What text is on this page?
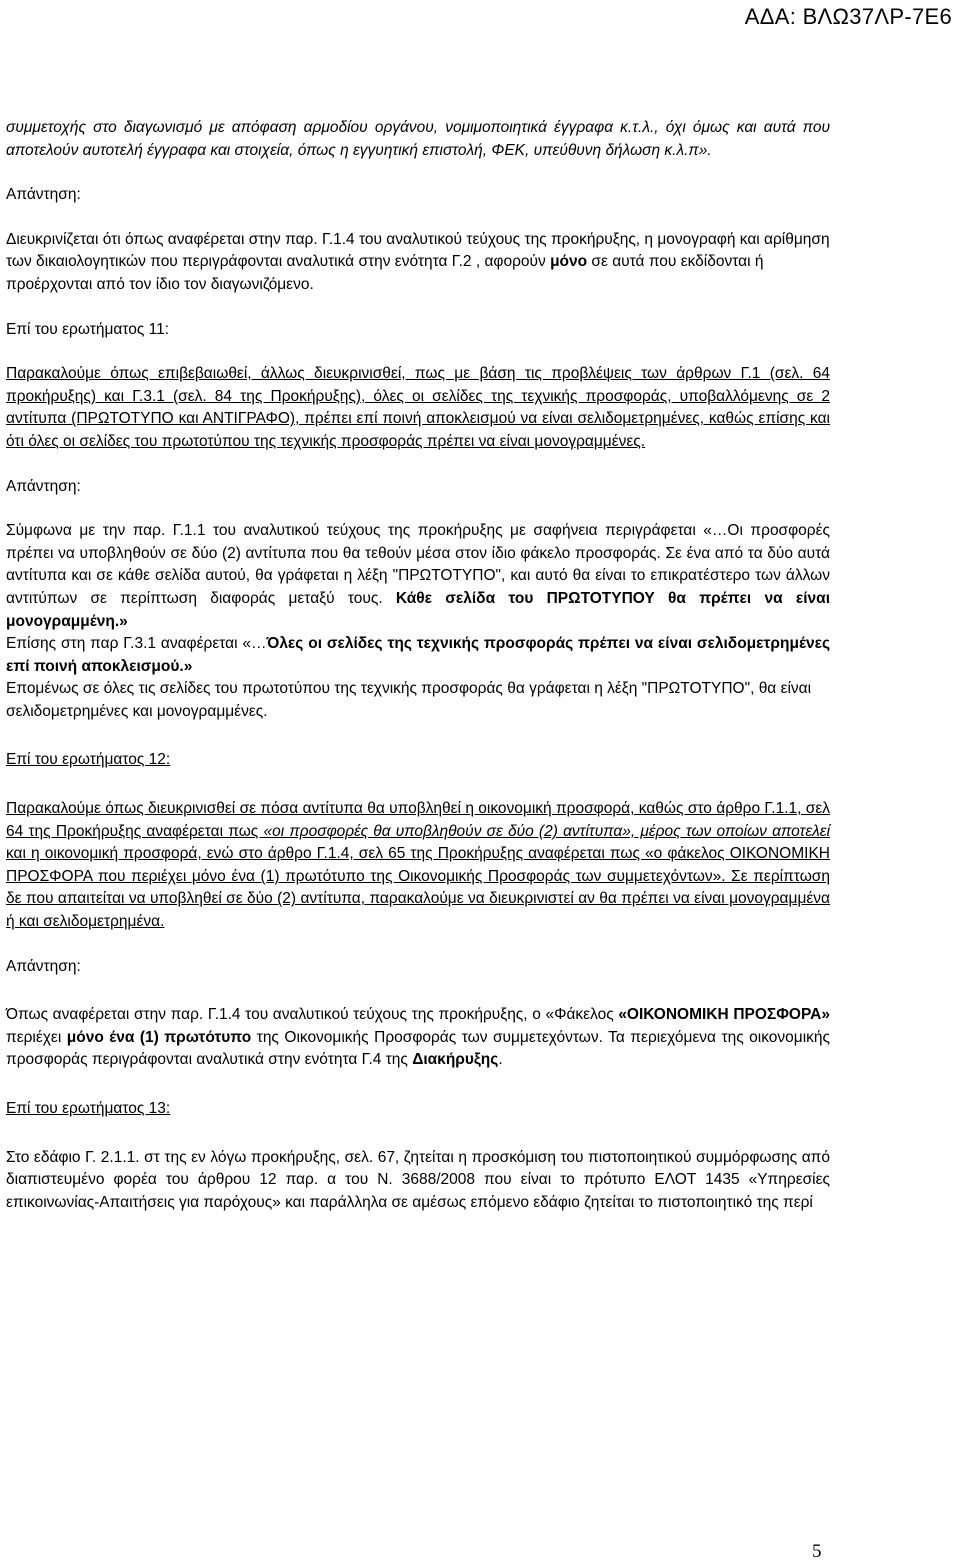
ΑΔΑ: ΒΛΩ37ΛΡ-7Ε6

συμμετοχής στο διαγωνισμό με απόφαση αρμοδίου οργάνου, νομιμοποιητικά έγγραφα κ.τ.λ., όχι όμως και αυτά που αποτελούν αυτοτελή έγγραφα και στοιχεία, όπως η εγγυητική επιστολή, ΦΕΚ, υπεύθυνη δήλωση κ.λ.π».

Απάντηση:

Διευκρινίζεται ότι όπως αναφέρεται στην παρ. Γ.1.4 του αναλυτικού τεύχους της προκήρυξης, η μονογραφή και αρίθμηση των δικαιολογητικών που περιγράφονται αναλυτικά στην ενότητα Γ.2 , αφορούν μόνο σε αυτά που εκδίδονται ή προέρχονται από τον ίδιο τον διαγωνιζόμενο.

Επί του ερωτήματος 11:

Παρακαλούμε όπως επιβεβαιωθεί, άλλως διευκρινισθεί, πως με βάση τις προβλέψεις των άρθρων Γ.1 (σελ. 64 προκήρυξης) και Γ.3.1 (σελ. 84 της Προκήρυξης), όλες οι σελίδες της τεχνικής προσφοράς, υποβαλλόμενης σε 2 αντίτυπα (ΠΡΩΤΟΤΥΠΟ και ΑΝΤΙΓΡΑΦΟ), πρέπει επί ποινή αποκλεισμού να είναι σελιδομετρημένες, καθώς επίσης και ότι όλες οι σελίδες του πρωτοτύπου της τεχνικής προσφοράς πρέπει να είναι μονογραμμένες.

Απάντηση:

Σύμφωνα με την παρ. Γ.1.1 του αναλυτικού τεύχους της προκήρυξης με σαφήνεια περιγράφεται «…Οι προσφορές πρέπει να υποβληθούν σε δύο (2) αντίτυπα που θα τεθούν μέσα στον ίδιο φάκελο προσφοράς. Σε ένα από τα δύο αυτά αντίτυπα και σε κάθε σελίδα αυτού, θα γράφεται η λέξη "ΠΡΩΤΟΤΥΠΟ", και αυτό θα είναι το επικρατέστερο των άλλων αντιτύπων σε περίπτωση διαφοράς μεταξύ τους. Κάθε σελίδα του ΠΡΩΤΟΤΥΠΟΥ θα πρέπει να είναι μονογραμμένη.»

Επίσης στη παρ Γ.3.1 αναφέρεται «…Όλες οι σελίδες της τεχνικής προσφοράς πρέπει να είναι σελιδομετρημένες επί ποινή αποκλεισμού.»

Επομένως σε όλες τις σελίδες του πρωτοτύπου της τεχνικής προσφοράς θα γράφεται η λέξη "ΠΡΩΤΟΤΥΠΟ", θα είναι σελιδομετρημένες και μονογραμμένες.

Επί του ερωτήματος 12:

Παρακαλούμε όπως διευκρινισθεί σε πόσα αντίτυπα θα υποβληθεί η οικονομική προσφορά, καθώς στο άρθρο Γ.1.1, σελ 64 της Προκήρυξης αναφέρεται πως «οι προσφορές θα υποβληθούν σε δύο (2) αντίτυπα», μέρος των οποίων αποτελεί και η οικονομική προσφορά, ενώ στο άρθρο Γ.1.4, σελ 65 της Προκήρυξης αναφέρεται πως «ο φάκελος ΟΙΚΟΝΟΜΙΚΗ ΠΡΟΣΦΟΡΑ που περιέχει μόνο ένα (1) πρωτότυπο της Οικονομικής Προσφοράς των συμμετεχόντων». Σε περίπτωση δε που απαιτείται να υποβληθεί σε δύο (2) αντίτυπα, παρακαλούμε να διευκρινιστεί αν θα πρέπει να είναι μονογραμμένα ή και σελιδομετρημένα.

Απάντηση:

Όπως αναφέρεται στην παρ. Γ.1.4 του αναλυτικού τεύχους της προκήρυξης, ο «Φάκελος «ΟΙΚΟΝΟΜΙΚΗ ΠΡΟΣΦΟΡΑ» περιέχει μόνο ένα (1) πρωτότυπο της Οικονομικής Προσφοράς των συμμετεχόντων. Τα περιεχόμενα της οικονομικής προσφοράς περιγράφονται αναλυτικά στην ενότητα Γ.4 της Διακήρυξης.

Επί του ερωτήματος 13:

Στο εδάφιο Γ. 2.1.1. στ της εν λόγω προκήρυξης, σελ. 67, ζητείται η προσκόμιση του πιστοποιητικού συμμόρφωσης από διαπιστευμένο φορέα του άρθρου 12 παρ. α του Ν. 3688/2008 που είναι το πρότυπο ΕΛΟΤ 1435 «Υπηρεσίες επικοινωνίας-Απαιτήσεις για παρόχους» και παράλληλα σε αμέσως επόμενο εδάφιο ζητείται το πιστοποιητικό της περί

5
